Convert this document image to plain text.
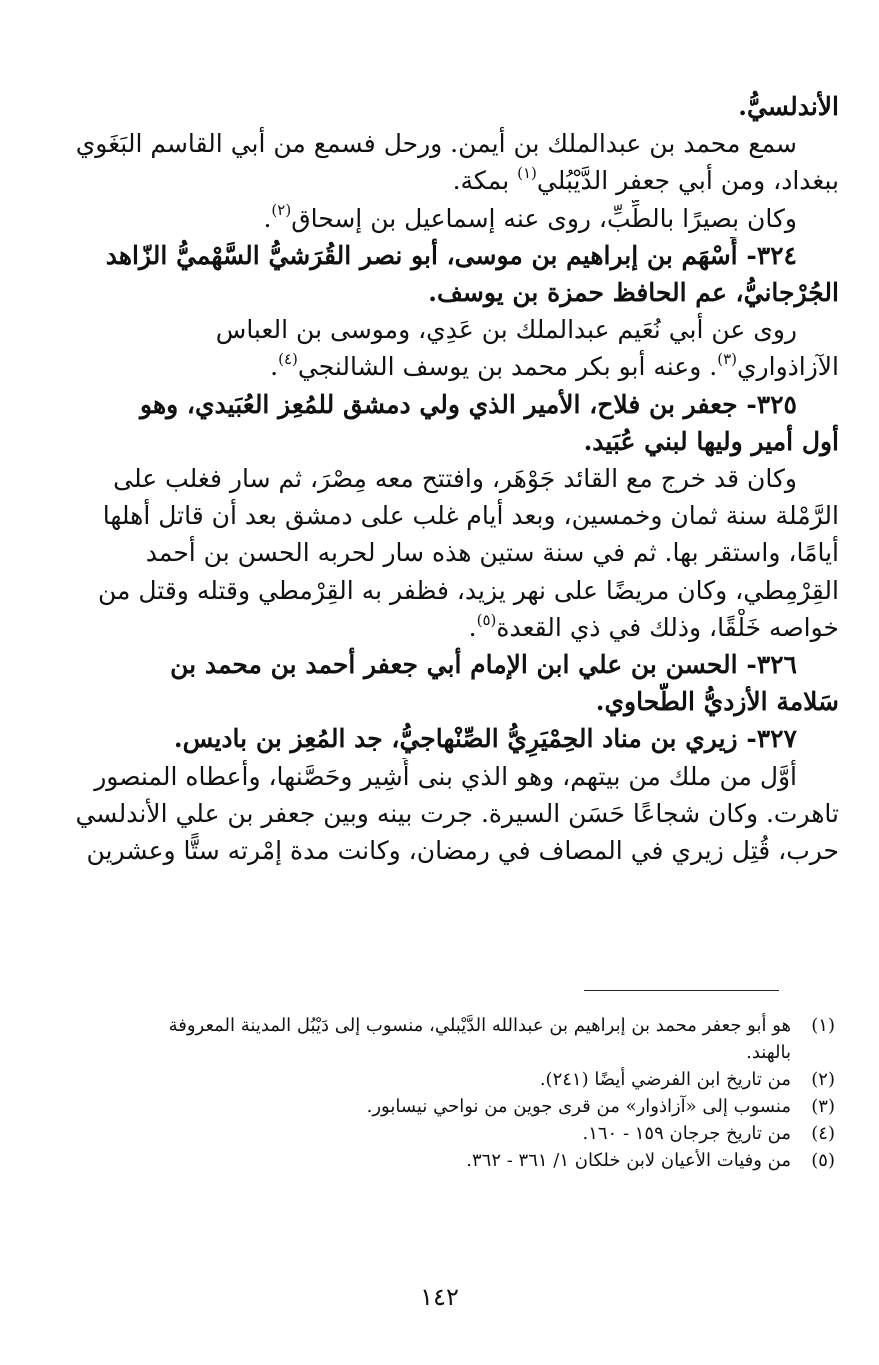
الأندلسيُّ.
سمع محمد بن عبدالملك بن أيمن. ورحل فسمع من أبي القاسم البَغَوي
ببغداد، ومن أبي جعفر الدَّيْبُلي$^{(١)}$ بمكة.
وكان بصيرًا بالطِّبِّ، روى عنه إسماعيل بن إسحاق$^{(٢)}$.
٣٢٤- أَسْهَم بن إبراهيم بن موسى، أبو نصر القُرَشيُّ السَّهْميُّ الزّاهد
الجُرْجانيُّ، عم الحافظ حمزة بن يوسف.
روى عن أبي نُعَيم عبدالملك بن عَدِي، وموسى بن العباس
الآزاذواري$^{(٣)}$. وعنه أبو بكر محمد بن يوسف الشالنجي$^{(٤)}$.
٣٢٥- جعفر بن فلاح، الأمير الذي ولي دمشق للمُعِز العُبَيدي، وهو
أول أمير وليها لبني عُبَيد.
وكان قد خرج مع القائد جَوْهَر، وافتتح معه مِصْرَ، ثم سار فغلب على
الرَّمْلة سنة ثمان وخمسين، وبعد أيام غلب على دمشق بعد أن قاتل أهلها
أيامًا، واستقر بها. ثم في سنة ستين هذه سار لحربه الحسن بن أحمد
القِرْمِطي، وكان مريضًا على نهر يزيد، فظفر به القِرْمطي وقتله وقتل من
خواصه خَلْقًا، وذلك في ذي القعدة$^{(٥)}$.
٣٢٦- الحسن بن علي ابن الإمام أبي جعفر أحمد بن محمد بن
سَلامة الأزديُّ الطَّحاوي.
٣٢٧- زيري بن مناد الحِمْيَرِيُّ الصِّنْهاجيُّ، جد المُعِز بن باديس.
أوَّل من ملك من بيتهم، وهو الذي بنى أَشِير وحَصَّنها، وأعطاه المنصور
تاهرت. وكان شجاعًا حَسَن السيرة. جرت بينه وبين جعفر بن علي الأندلسي
حرب، قُتِل زيري في المصاف في رمضان، وكانت مدة إمْرته ستًّا وعشرين
(١)
هو أبو جعفر محمد بن إبراهيم بن عبدالله الدَّيْبلي، منسوب إلى دَيْبُل المدينة المعروفة
بالهند.
(٢)
من تاريخ ابن الفرضي أيضًا (٢٤١).
(٣)
منسوب إلى «آزاذوار» من قرى جوين من نواحي نيسابور.
(٤)
من تاريخ جرجان ١٥٩ - ١٦٠.
(٥)
من وفيات الأعيان لابن خلكان ١/ ٣٦١ - ٣٦٢.
١٤٢
